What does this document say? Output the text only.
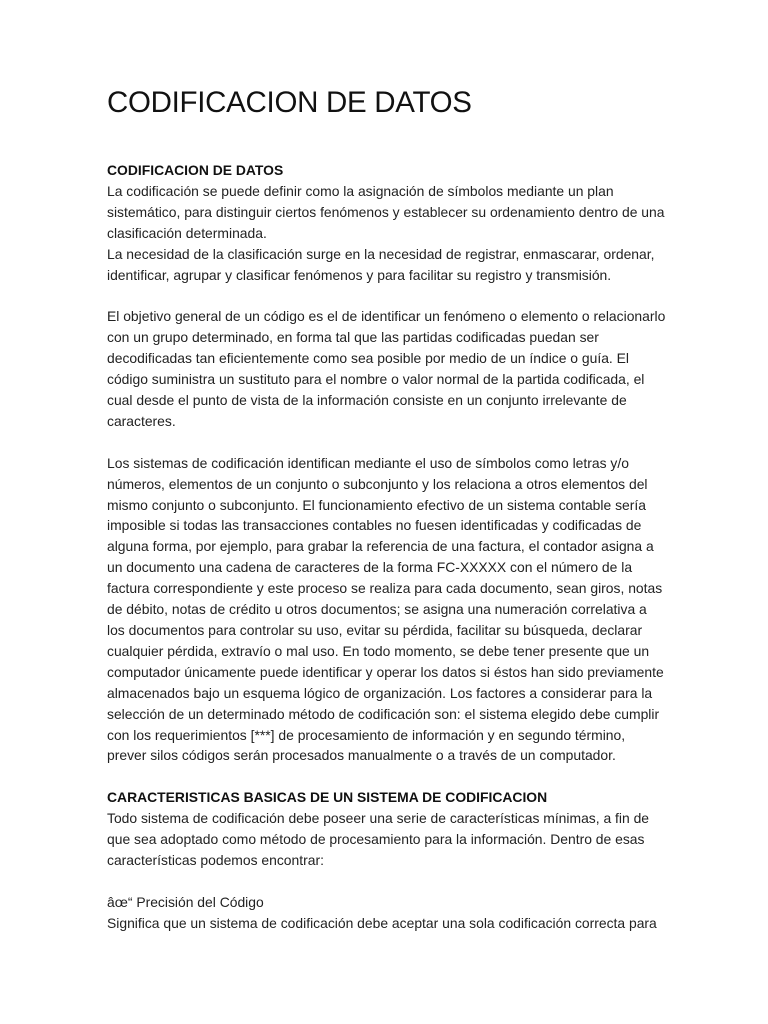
CODIFICACION DE DATOS

CODIFICACION DE DATOS

La codificación se puede definir como la asignación de símbolos mediante un plan sistemático, para distinguir ciertos fenómenos y establecer su ordenamiento dentro de una clasificación determinada.

La necesidad de la clasificación surge en la necesidad de registrar, enmascarar, ordenar, identificar, agrupar y clasificar fenómenos y para facilitar su registro y transmisión.

El objetivo general de un código es el de identificar un fenómeno o elemento o relacionarlo con un grupo determinado, en forma tal que las partidas codificadas puedan ser decodificadas tan eficientemente como sea posible por medio de un índice o guía. El código suministra un sustituto para el nombre o valor normal de la partida codificada, el cual desde el punto de vista de la información consiste en un conjunto irrelevante de caracteres.

Los sistemas de codificación identifican mediante el uso de símbolos como letras y/o números, elementos de un conjunto o subconjunto y los relaciona a otros elementos del mismo conjunto o subconjunto. El funcionamiento efectivo de un sistema contable sería imposible si todas las transacciones contables no fuesen identificadas y codificadas de alguna forma, por ejemplo, para grabar la referencia de una factura, el contador asigna a un documento una cadena de caracteres de la forma FC-XXXXX con el número de la factura correspondiente y este proceso se realiza para cada documento, sean giros, notas de débito, notas de crédito u otros documentos; se asigna una numeración correlativa a los documentos para controlar su uso, evitar su pérdida, facilitar su búsqueda, declarar cualquier pérdida, extravío o mal uso. En todo momento, se debe tener presente que un computador únicamente puede identificar y operar los datos si éstos han sido previamente almacenados bajo un esquema lógico de organización. Los factores a considerar para la selección de un determinado método de codificación son: el sistema elegido debe cumplir con los requerimientos [***] de procesamiento de información y en segundo término, prever silos códigos serán procesados manualmente o a través de un computador.

CARACTERISTICAS BASICAS DE UN SISTEMA DE CODIFICACION

Todo sistema de codificación debe poseer una serie de características mínimas, a fin de que sea adoptado como método de procesamiento para la información. Dentro de esas características podemos encontrar:

âœ“ Precisión del Código

Significa que un sistema de codificación debe aceptar una sola codificación correcta para
